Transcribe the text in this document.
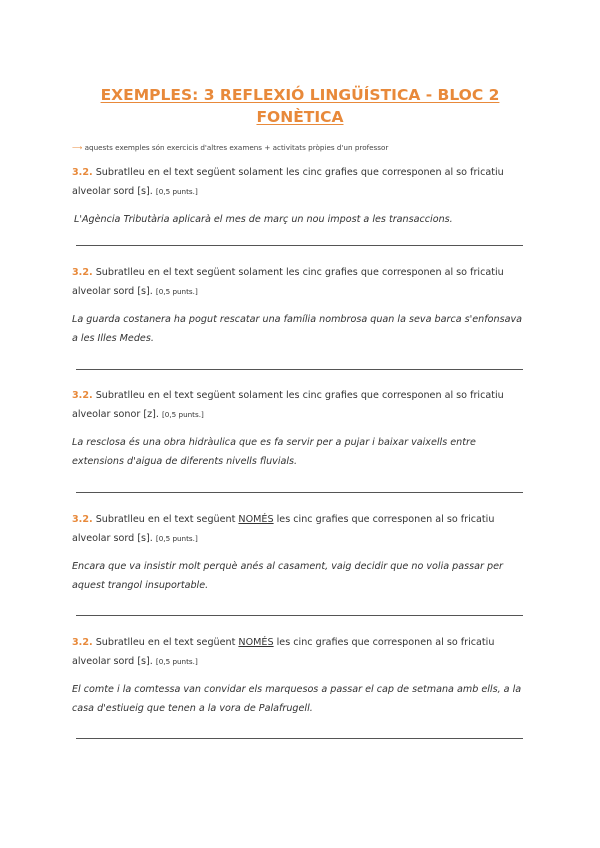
EXEMPLES: 3 REFLEXIÓ LINGÜÍSTICA - BLOC 2
FONÈTICA
⟶ aquests exemples són exercicis d'altres examens + activitats pròpies d'un professor
3.2. Subratlleu en el text següent solament les cinc grafies que corresponen al so fricatiu alveolar sord [s]. [0,5 punts.]
L'Agència Tributària aplicarà el mes de març un nou impost a les transaccions.
3.2. Subratlleu en el text següent solament les cinc grafies que corresponen al so fricatiu alveolar sord [s]. [0,5 punts.]
La guarda costanera ha pogut rescatar una família nombrosa quan la seva barca s'enfonsava a les Illes Medes.
3.2. Subratlleu en el text següent solament les cinc grafies que corresponen al so fricatiu alveolar sonor [z]. [0,5 punts.]
La resclosa és una obra hidràulica que es fa servir per a pujar i baixar vaixells entre extensions d'aigua de diferents nivells fluvials.
3.2. Subratlleu en el text següent NOMÉS les cinc grafies que corresponen al so fricatiu alveolar sord [s]. [0,5 punts.]
Encara que va insistir molt perquè anés al casament, vaig decidir que no volia passar per aquest trangol insuportable.
3.2. Subratlleu en el text següent NOMÉS les cinc grafies que corresponen al so fricatiu alveolar sord [s]. [0,5 punts.]
El comte i la comtessa van convidar els marquesos a passar el cap de setmana amb ells, a la casa d'estiueig que tenen a la vora de Palafrugell.
